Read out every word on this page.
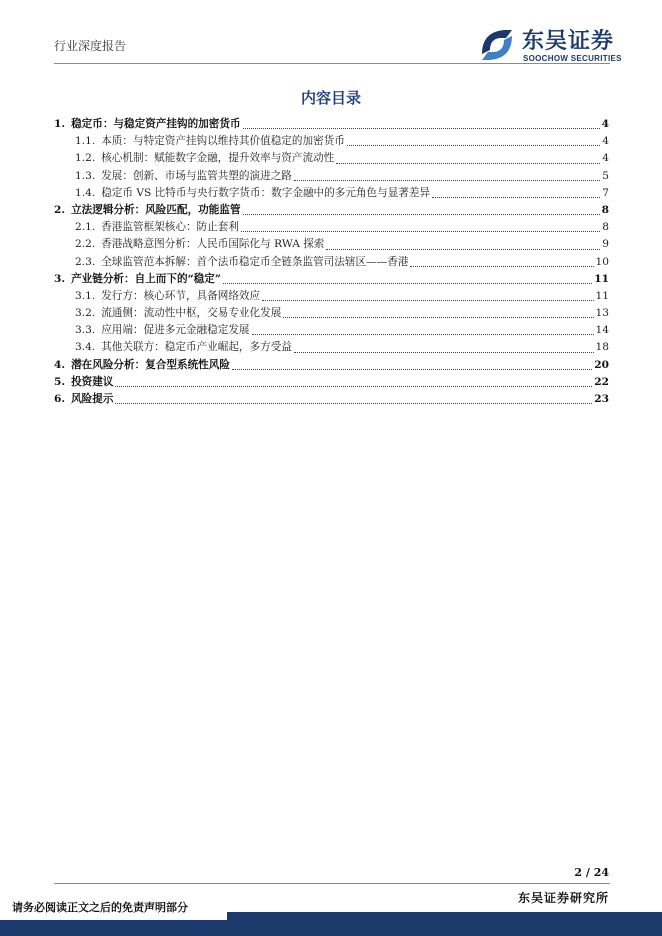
行业深度报告	东吴证券
SOOCHOW SECURITIES
内容目录
1. 稳定币：与稳定资产挂钩的加密货币	4
1.1. 本质：与特定资产挂钩以维持其价值稳定的加密货币	4
1.2. 核心机制：赋能数字金融，提升效率与资产流动性	4
1.3. 发展：创新、市场与监管共塑的演进之路	5
1.4. 稳定币 VS 比特币与央行数字货币：数字金融中的多元角色与显著差异	7
2. 立法逻辑分析：风险匹配，功能监管	8
2.1. 香港监管框架核心：防止套利	8
2.2. 香港战略意图分析：人民币国际化与 RWA 探索	9
2.3. 全球监管范本拆解：首个法币稳定币全链条监管司法辖区——香港	10
3. 产业链分析：自上而下的“稳定”	11
3.1. 发行方：核心环节，具备网络效应	11
3.2. 流通侧：流动性中枢，交易专业化发展	13
3.3. 应用端：促进多元金融稳定发展	14
3.4. 其他关联方：稳定币产业崛起，多方受益	18
4. 潜在风险分析：复合型系统性风险	20
5. 投资建议	22
6. 风险提示	23
2 / 24
东吴证券研究所
请务必阅读正文之后的免责声明部分
